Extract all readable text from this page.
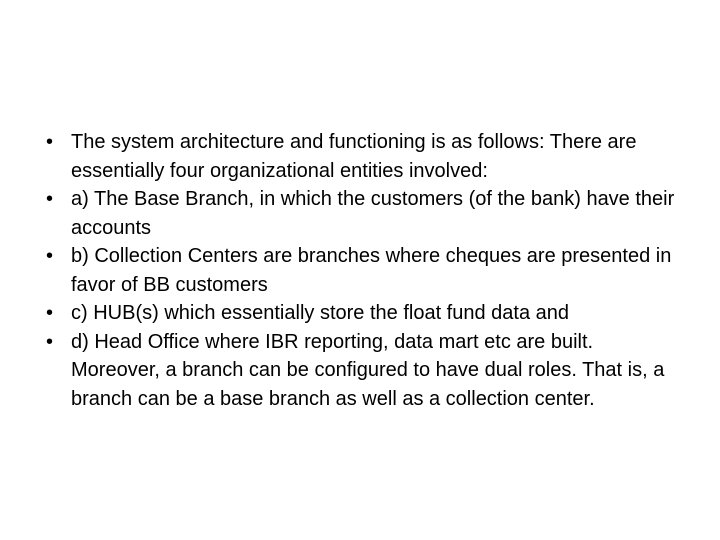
• The system architecture and functioning is as follows: There are essentially four organizational entities involved:
• a) The Base Branch, in which the customers (of the bank) have their accounts
• b) Collection Centers are branches where cheques are presented in favor of BB customers
• c) HUB(s) which essentially store the float fund data and
• d) Head Office where IBR reporting, data mart etc are built. Moreover, a branch can be configured to have dual roles. That is, a branch can be a base branch as well as a collection center.
